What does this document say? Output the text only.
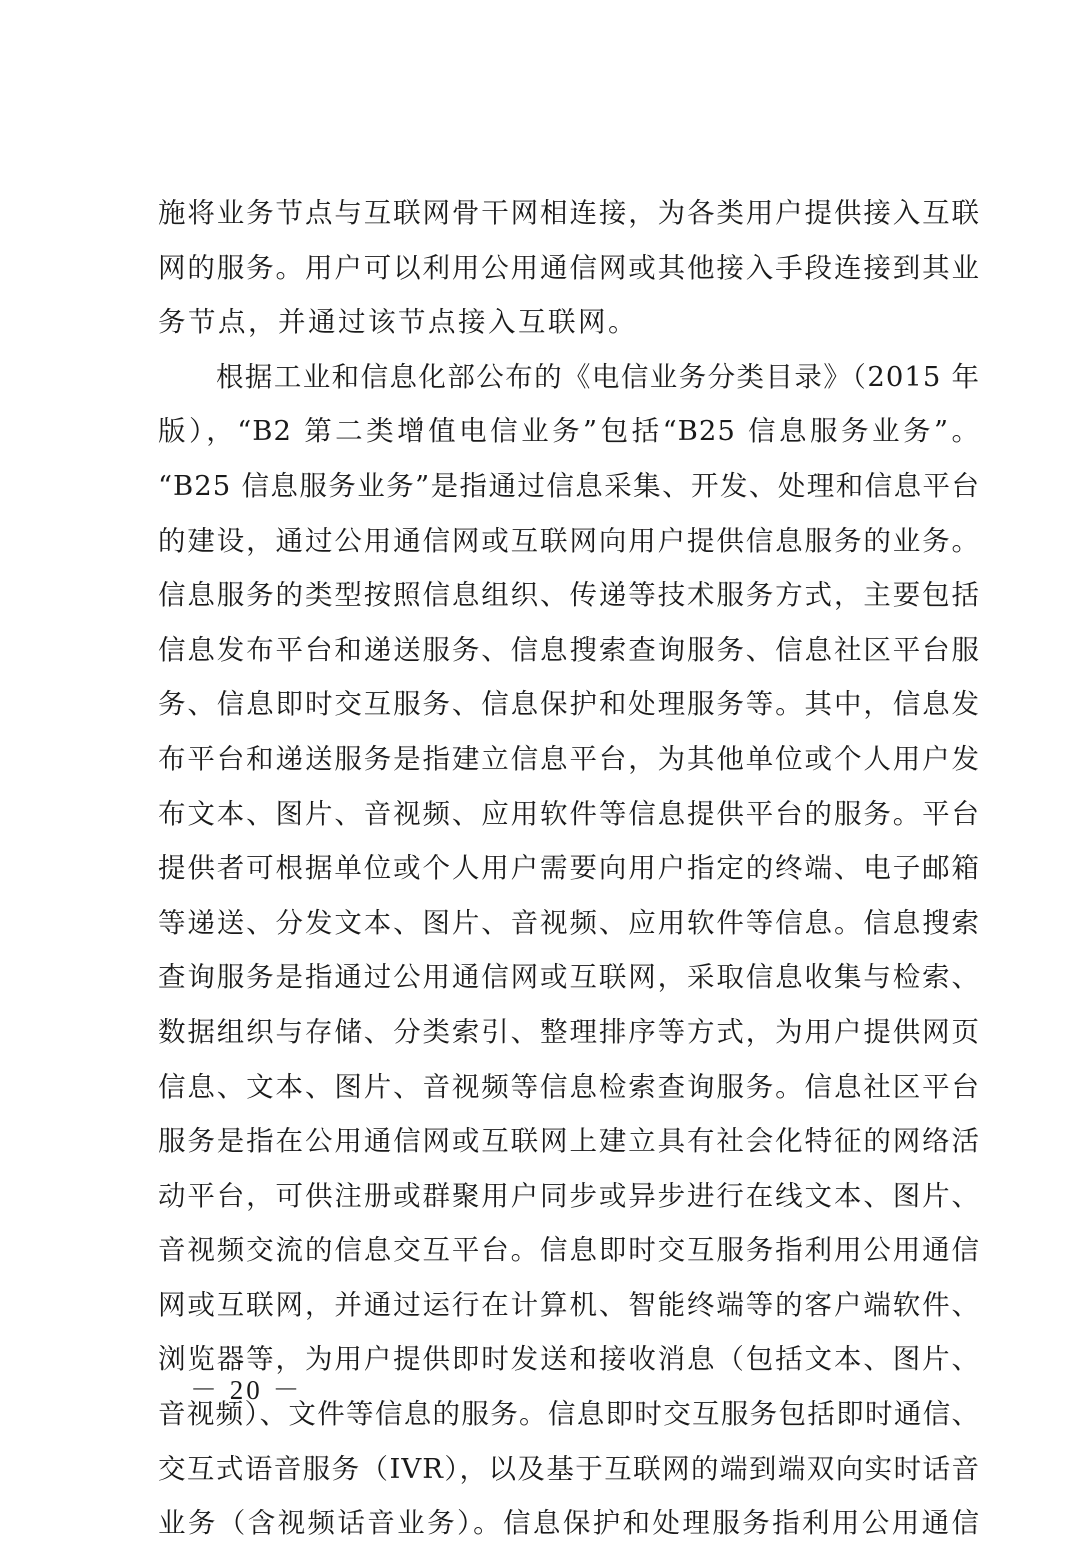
施将业务节点与互联网骨干网相连接，为各类用户提供接入互联
网的服务。用户可以利用公用通信网或其他接入手段连接到其业
务节点，并通过该节点接入互联网。
根据工业和信息化部公布的《电信业务分类目录》（2015 年
版），“B2 第二类增值电信业务”包括“B25 信息服务业务”。
“B25 信息服务业务”是指通过信息采集、开发、处理和信息平台
的建设，通过公用通信网或互联网向用户提供信息服务的业务。
信息服务的类型按照信息组织、传递等技术服务方式，主要包括
信息发布平台和递送服务、信息搜索查询服务、信息社区平台服
务、信息即时交互服务、信息保护和处理服务等。其中，信息发
布平台和递送服务是指建立信息平台，为其他单位或个人用户发
布文本、图片、音视频、应用软件等信息提供平台的服务。平台
提供者可根据单位或个人用户需要向用户指定的终端、电子邮箱
等递送、分发文本、图片、音视频、应用软件等信息。信息搜索
查询服务是指通过公用通信网或互联网，采取信息收集与检索、
数据组织与存储、分类索引、整理排序等方式，为用户提供网页
信息、文本、图片、音视频等信息检索查询服务。信息社区平台
服务是指在公用通信网或互联网上建立具有社会化特征的网络活
动平台，可供注册或群聚用户同步或异步进行在线文本、图片、
音视频交流的信息交互平台。信息即时交互服务指利用公用通信
网或互联网，并通过运行在计算机、智能终端等的客户端软件、
浏览器等，为用户提供即时发送和接收消息（包括文本、图片、
音视频）、文件等信息的服务。信息即时交互服务包括即时通信、
交互式语音服务（IVR），以及基于互联网的端到端双向实时话音
业务（含视频话音业务）。信息保护和处理服务指利用公用通信
－ 20 －
